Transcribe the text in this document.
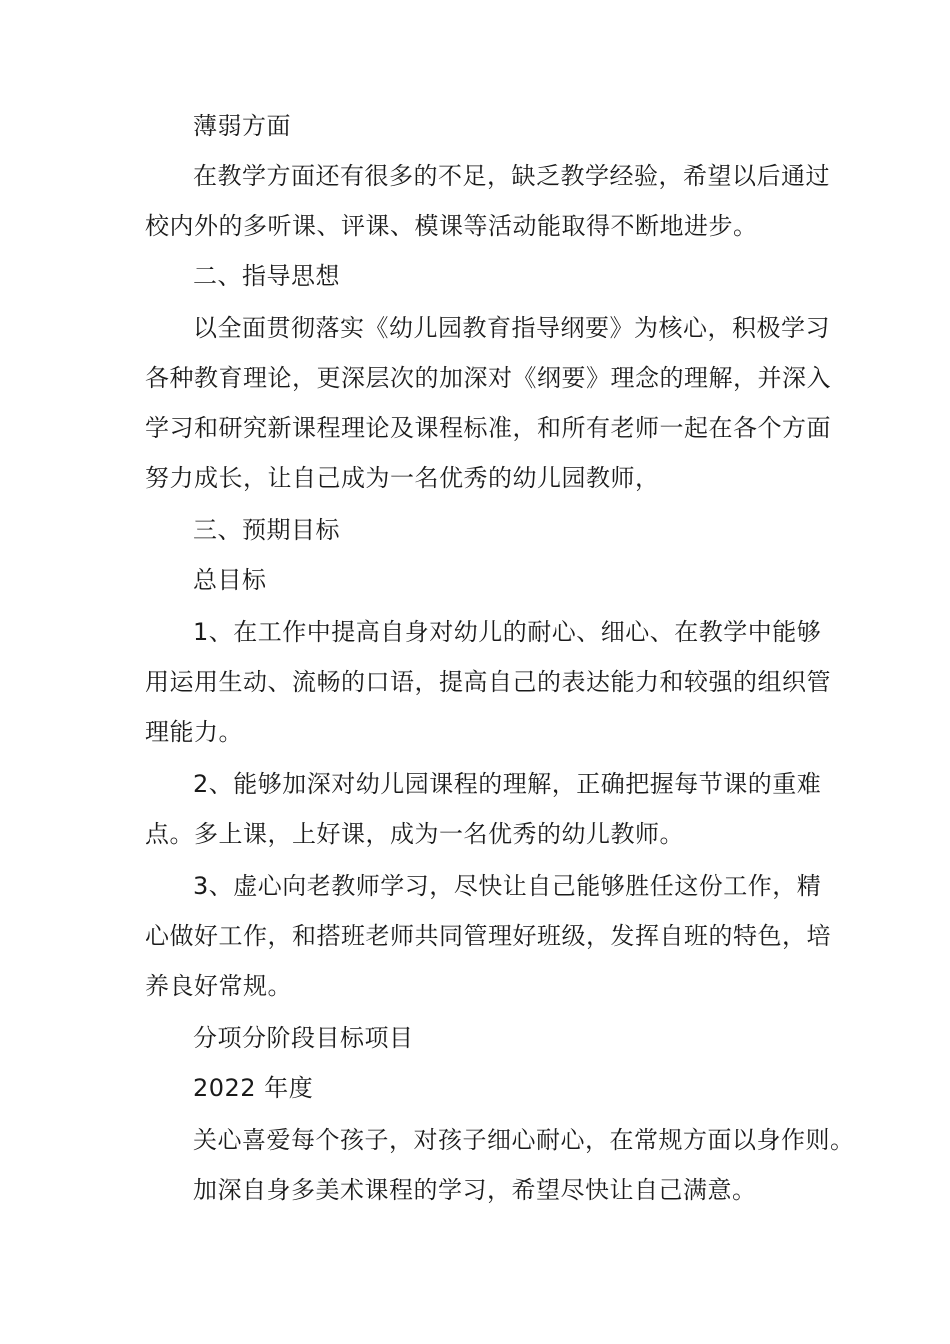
薄弱方面
在教学方面还有很多的不足，缺乏教学经验，希望以后通过
校内外的多听课、评课、模课等活动能取得不断地进步。
二、指导思想
以全面贯彻落实《幼儿园教育指导纲要》为核心，积极学习
各种教育理论，更深层次的加深对《纲要》理念的理解，并深入
学习和研究新课程理论及课程标准，和所有老师一起在各个方面
努力成长，让自己成为一名优秀的幼儿园教师，
三、预期目标
总目标
1、在工作中提高自身对幼儿的耐心、细心、在教学中能够
用运用生动、流畅的口语，提高自己的表达能力和较强的组织管
理能力。
2、能够加深对幼儿园课程的理解，正确把握每节课的重难
点。多上课，上好课，成为一名优秀的幼儿教师。
3、虚心向老教师学习，尽快让自己能够胜任这份工作，精
心做好工作，和搭班老师共同管理好班级，发挥自班的特色，培
养良好常规。
分项分阶段目标项目
2022 年度
关心喜爱每个孩子，对孩子细心耐心，在常规方面以身作则。
加深自身多美术课程的学习，希望尽快让自己满意。
